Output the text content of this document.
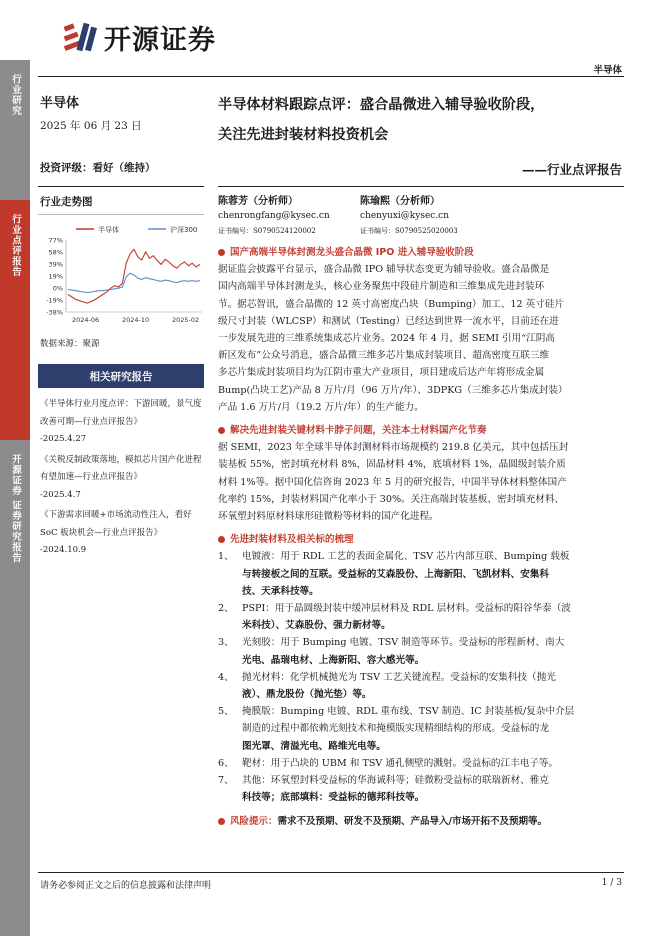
行业研究
行业点评报告
开源证券 证券研究报告
开源证券
半导体
半导体
2025 年 06 月 23 日
投资评级：看好（维持）
半导体材料跟踪点评：盛合晶微进入辅导验收阶段，
关注先进封装材料投资机会
——行业点评报告
行业走势图
半导体	沪深300
77%
58%
39%
19%
0%
-19%
-38%
2024-06	2024-10	2025-02
数据来源：聚源
相关研究报告
《半导体行业月度点评：下游回暖，景气度改善可期—行业点评报告》
-2025.4.27
《关税反制政策落地，模拟芯片国产化进程有望加速—行业点评报告》
-2025.4.7
《下游需求回暖+市场流动性注入，看好 SoC 板块机会—行业点评报告》
-2024.10.9
陈蓉芳（分析师）
chenrongfang@kysec.cn
证书编号：S0790524120002
陈瑜熙（分析师）
chenyuxi@kysec.cn
证书编号：S0790525020003
国产高端半导体封测龙头盛合晶微 IPO 进入辅导验收阶段
据证监会披露平台显示，盛合晶微 IPO 辅导状态变更为辅导验收。盛合晶微是
国内高端半导体封测龙头，核心业务聚焦中段硅片制造和三维集成先进封装环
节。据芯智讯，盛合晶微的 12 英寸高密度凸块（Bumping）加工、12 英寸硅片
级尺寸封装（WLCSP）和测试（Testing）已经达到世界一流水平，目前还在进
一步发展先进的三维系统集成芯片业务。2024 年 4 月，据 SEMI 引用“江阴高
新区发布”公众号消息，盛合晶微三维多芯片集成封装项目、超高密度互联三维
多芯片集成封装项目均为江阴市重大产业项目，项目建成后达产年将形成金属
Bump(凸块工艺)产品 8 万片/月（96 万片/年）、3DPKG（三维多芯片集成封装）
产品 1.6 万片/月（19.2 万片/年）的生产能力。
解决先进封装关键材料卡脖子问题，关注本土材料国产化节奏
据 SEMI，2023 年全球半导体封测材料市场规模约 219.8 亿美元，其中包括压封
装基板 55%，密封填充材料 8%，固晶材料 4%，底填材料 1%，晶圆级封装介质
材料 1%等。据中国化信咨询 2023 年 5 月的研究报告，中国半导体材料整体国产
化率约 15%，封装材料国产化率小于 30%。关注高端封装基板、密封填充材料、
环氧塑封料原材料球形硅微粉等材料的国产化进程。
先进封装材料及相关标的梳理
1、 电镀液：用于 RDL 工艺的表面金属化、TSV 芯片内部互联、Bumping 载板
与转接板之间的互联。受益标的艾森股份、上海新阳、飞凯材料、安集科
技、天承科技等。
2、 PSPI：用于晶圆级封装中缓冲层材料及 RDL 层材料。受益标的阳谷华泰（波
米科技）、艾森股份、强力新材等。
3、 光刻胶：用于 Bumping 电镀、TSV 制造等环节。受益标的彤程新材、南大
光电、晶瑞电材、上海新阳、容大感光等。
4、 抛光材料：化学机械抛光为 TSV 工艺关键流程。受益标的安集科技（抛光
液）、鼎龙股份（抛光垫）等。
5、 掩膜版：Bumping 电镀、RDL 重布线、TSV 制造、IC 封装基板/复杂中介层
制造的过程中都依赖光刻技术和掩模版实现精细结构的形成。受益标的龙
图光罩、清溢光电、路维光电等。
6、 靶材：用于凸块的 UBM 和 TSV 通孔侧壁的溅射。受益标的江丰电子等。
7、 其他：环氧塑封料受益标的华海诚科等；硅微粉受益标的联瑞新材、雅克
科技等；底部填料：受益标的德邦科技等。
风险提示： 需求不及预期、研发不及预期、产品导入/市场开拓不及预期等。
请务必参阅正文之后的信息披露和法律声明	1 / 3
